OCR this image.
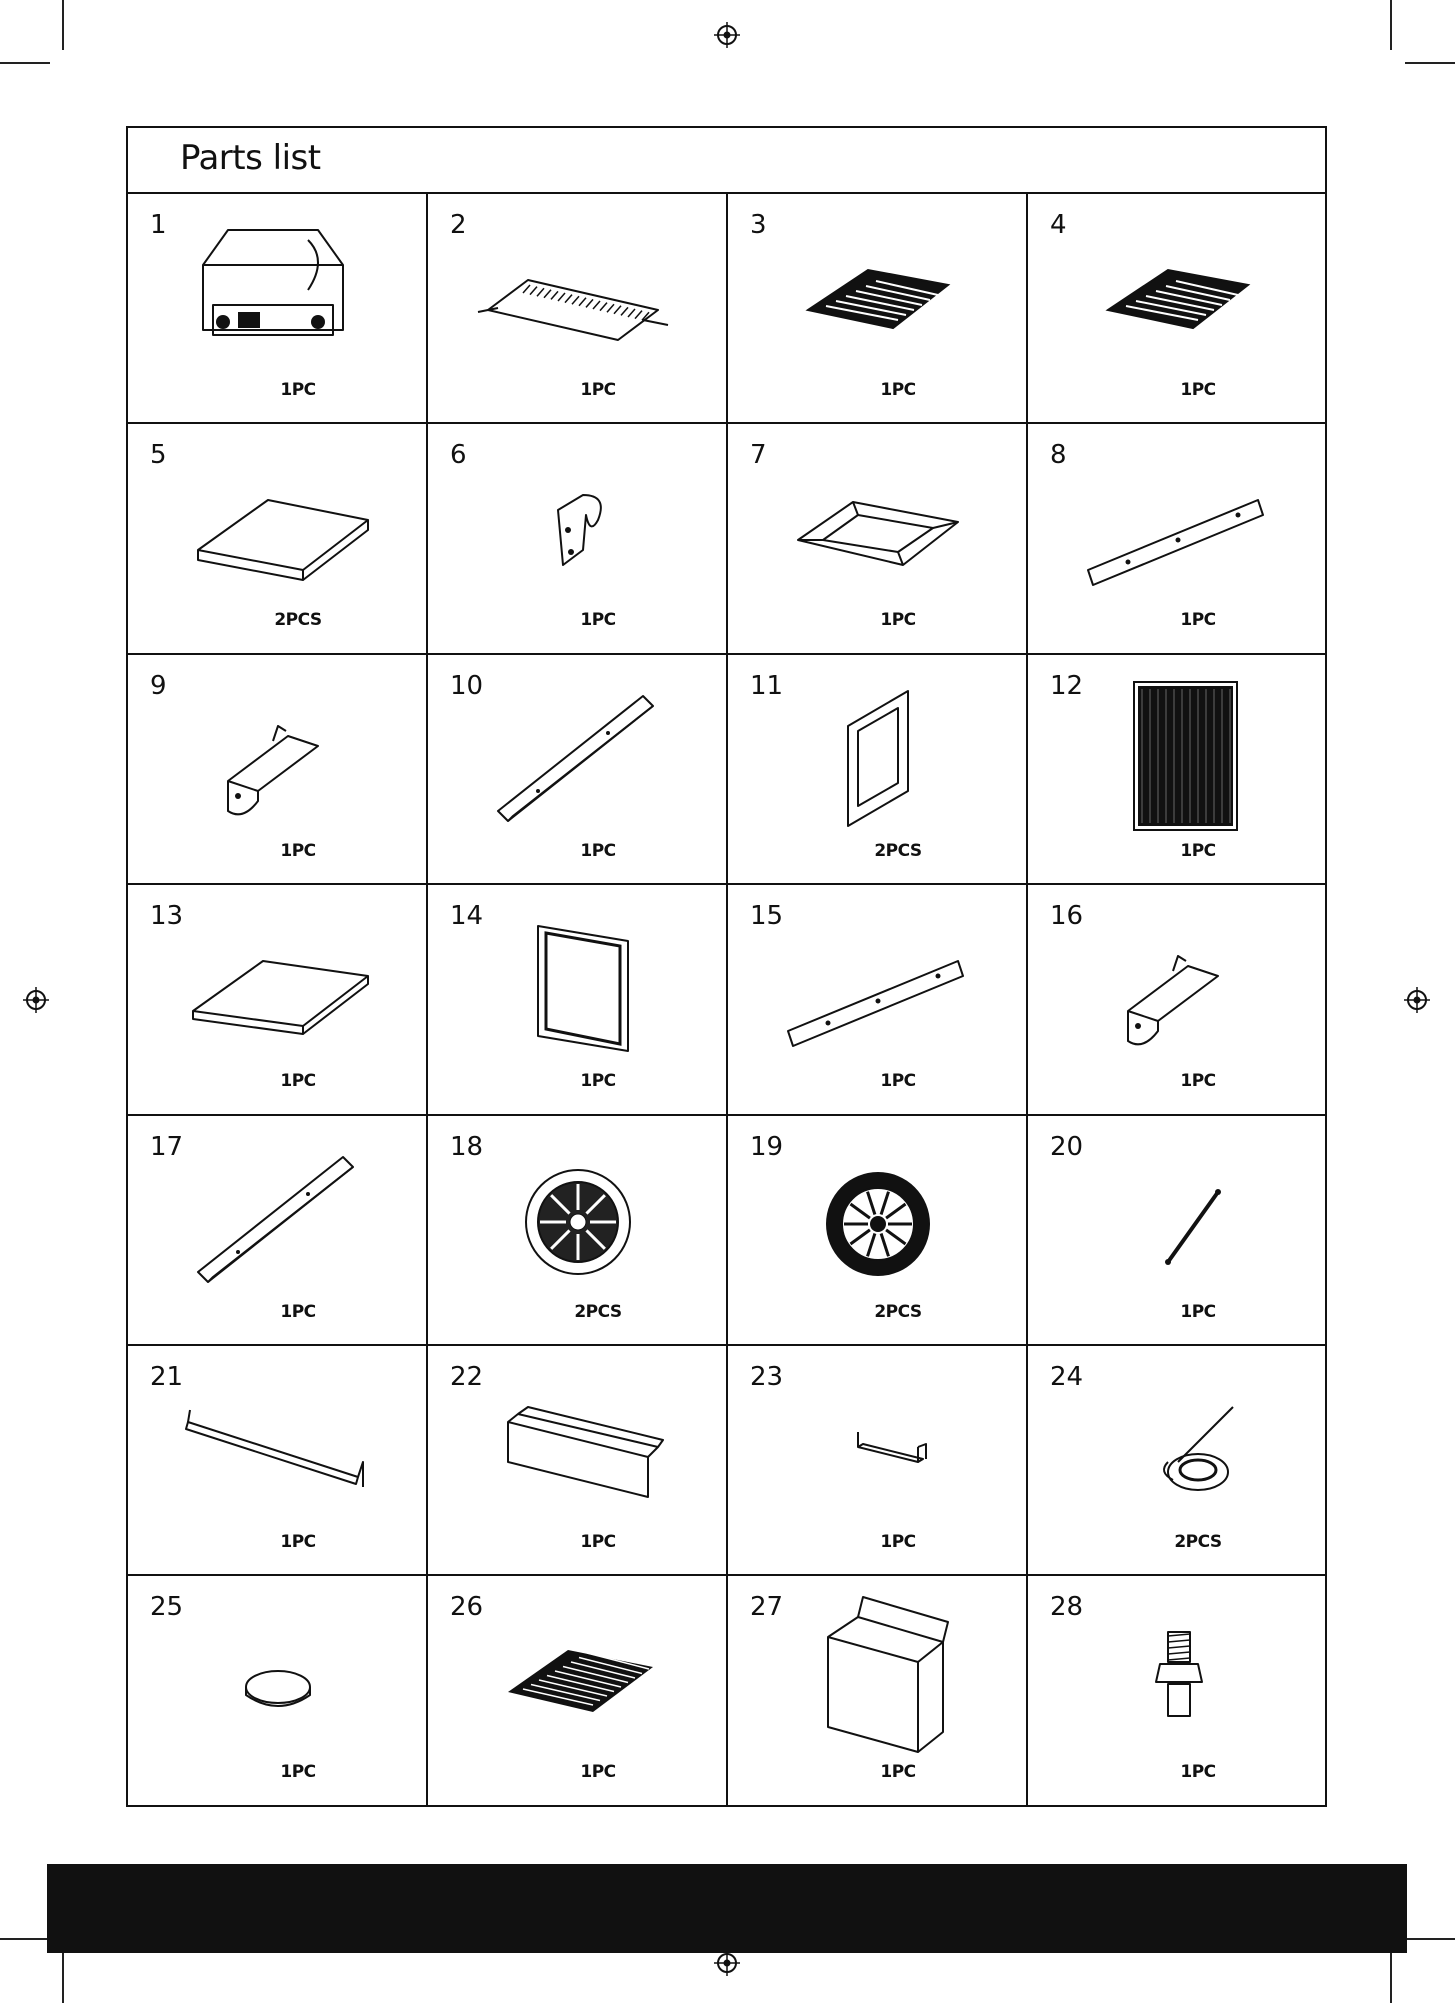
Parts list
1
1PC
2
1PC
3
1PC
4
1PC
5
2PCS
6
1PC
7
1PC
8
1PC
9
1PC
10
1PC
11
2PCS
12
1PC
13
1PC
14
1PC
15
1PC
16
1PC
17
1PC
18
2PCS
19
2PCS
20
1PC
21
1PC
22
1PC
23
1PC
24
2PCS
25
1PC
26
1PC
27
1PC
28
1PC
